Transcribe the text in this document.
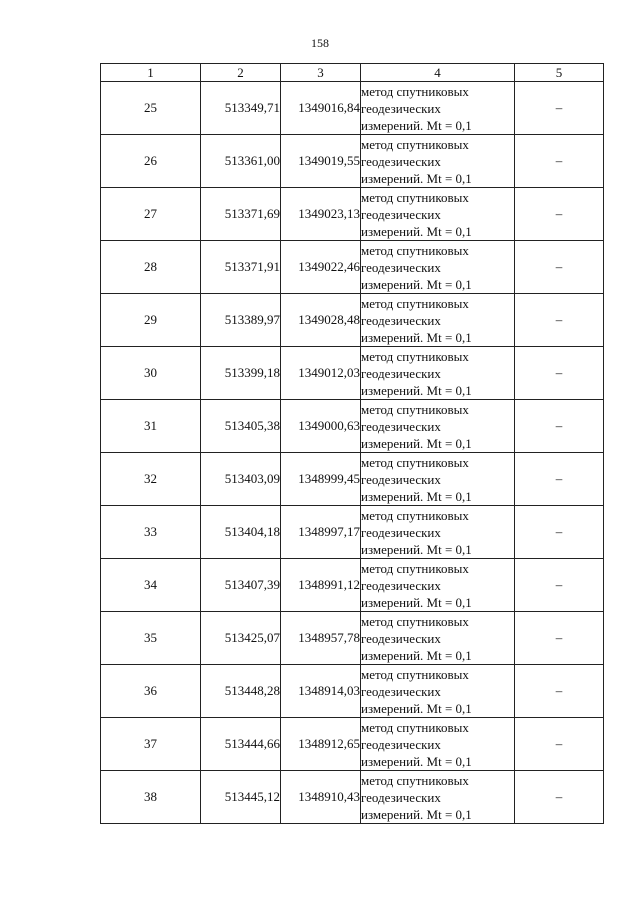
158
1	2	3	4	5
25	513349,71	1349016,84	метод спутниковых
геодезических
измерений. Mt = 0,1	–
26	513361,00	1349019,55	метод спутниковых
геодезических
измерений. Mt = 0,1	–
27	513371,69	1349023,13	метод спутниковых
геодезических
измерений. Mt = 0,1	–
28	513371,91	1349022,46	метод спутниковых
геодезических
измерений. Mt = 0,1	–
29	513389,97	1349028,48	метод спутниковых
геодезических
измерений. Mt = 0,1	–
30	513399,18	1349012,03	метод спутниковых
геодезических
измерений. Mt = 0,1	–
31	513405,38	1349000,63	метод спутниковых
геодезических
измерений. Mt = 0,1	–
32	513403,09	1348999,45	метод спутниковых
геодезических
измерений. Mt = 0,1	–
33	513404,18	1348997,17	метод спутниковых
геодезических
измерений. Mt = 0,1	–
34	513407,39	1348991,12	метод спутниковых
геодезических
измерений. Mt = 0,1	–
35	513425,07	1348957,78	метод спутниковых
геодезических
измерений. Mt = 0,1	–
36	513448,28	1348914,03	метод спутниковых
геодезических
измерений. Mt = 0,1	–
37	513444,66	1348912,65	метод спутниковых
геодезических
измерений. Mt = 0,1	–
38	513445,12	1348910,43	метод спутниковых
геодезических
измерений. Mt = 0,1	–
